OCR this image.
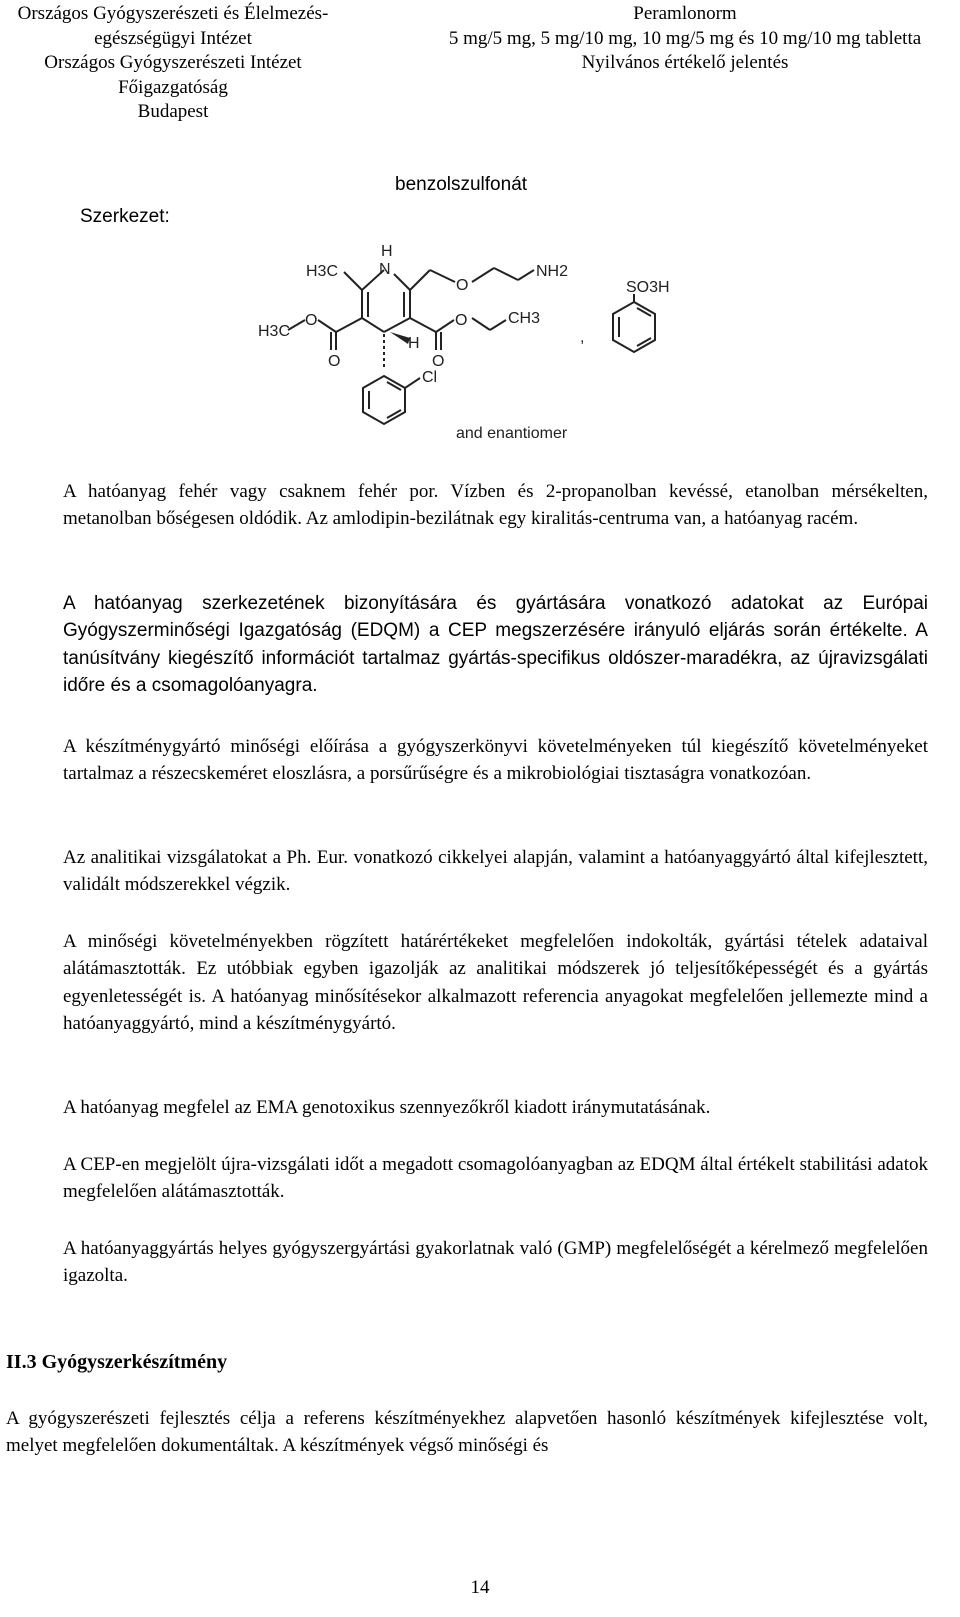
Országos Gyógyszerészeti és Élelmezés-
egészségügyi Intézet
Országos Gyógyszerészeti Intézet
Főigazgatóság
Budapest
Peramlonorm
5 mg/5 mg, 5 mg/10 mg, 10 mg/5 mg és 10 mg/10 mg tabletta
Nyilvános értékelő jelentés
Szerkezet:
benzolszulfonát
H
N
H3C
O
NH2
H3C
O	O	CH3
H
O	O
Cl
SO3H
,
and enantiomer

A hatóanyag fehér vagy csaknem fehér por. Vízben és 2-propanolban kevéssé, etanolban mérsékelten, metanolban bőségesen oldódik. Az amlodipin-bezilátnak egy kiralitás-centruma van, a hatóanyag racém.

A hatóanyag szerkezetének bizonyítására és gyártására vonatkozó adatokat az Európai Gyógyszerminőségi Igazgatóság (EDQM) a CEP megszerzésére irányuló eljárás során értékelte. A tanúsítvány kiegészítő információt tartalmaz gyártás-specifikus oldószer-maradékra, az újravizsgálati időre és a csomagolóanyagra.

A készítménygyártó minőségi előírása a gyógyszerkönyvi követelményeken túl kiegészítő követelményeket tartalmaz a részecskeméret eloszlásra, a porsűrűségre és a mikrobiológiai tisztaságra vonatkozóan.

Az analitikai vizsgálatokat a Ph. Eur. vonatkozó cikkelyei alapján, valamint a hatóanyaggyártó által kifejlesztett, validált módszerekkel végzik.

A minőségi követelményekben rögzített határértékeket megfelelően indokolták, gyártási tételek adataival alátámasztották. Ez utóbbiak egyben igazolják az analitikai módszerek jó teljesítőképességét és a gyártás egyenletességét is. A hatóanyag minősítésekor alkalmazott referencia anyagokat megfelelően jellemezte mind a hatóanyaggyártó, mind a készítménygyártó.

A hatóanyag megfelel az EMA genotoxikus szennyezőkről kiadott iránymutatásának.

A CEP-en megjelölt újra-vizsgálati időt a megadott csomagolóanyagban az EDQM által értékelt stabilitási adatok megfelelően alátámasztották.

A hatóanyaggyártás helyes gyógyszergyártási gyakorlatnak való (GMP) megfelelőségét a kérelmező megfelelően igazolta.

II.3 Gyógyszerkészítmény

A gyógyszerészeti fejlesztés célja a referens készítményekhez alapvetően hasonló készítmények kifejlesztése volt, melyet megfelelően dokumentáltak. A készítmények végső minőségi és

14
